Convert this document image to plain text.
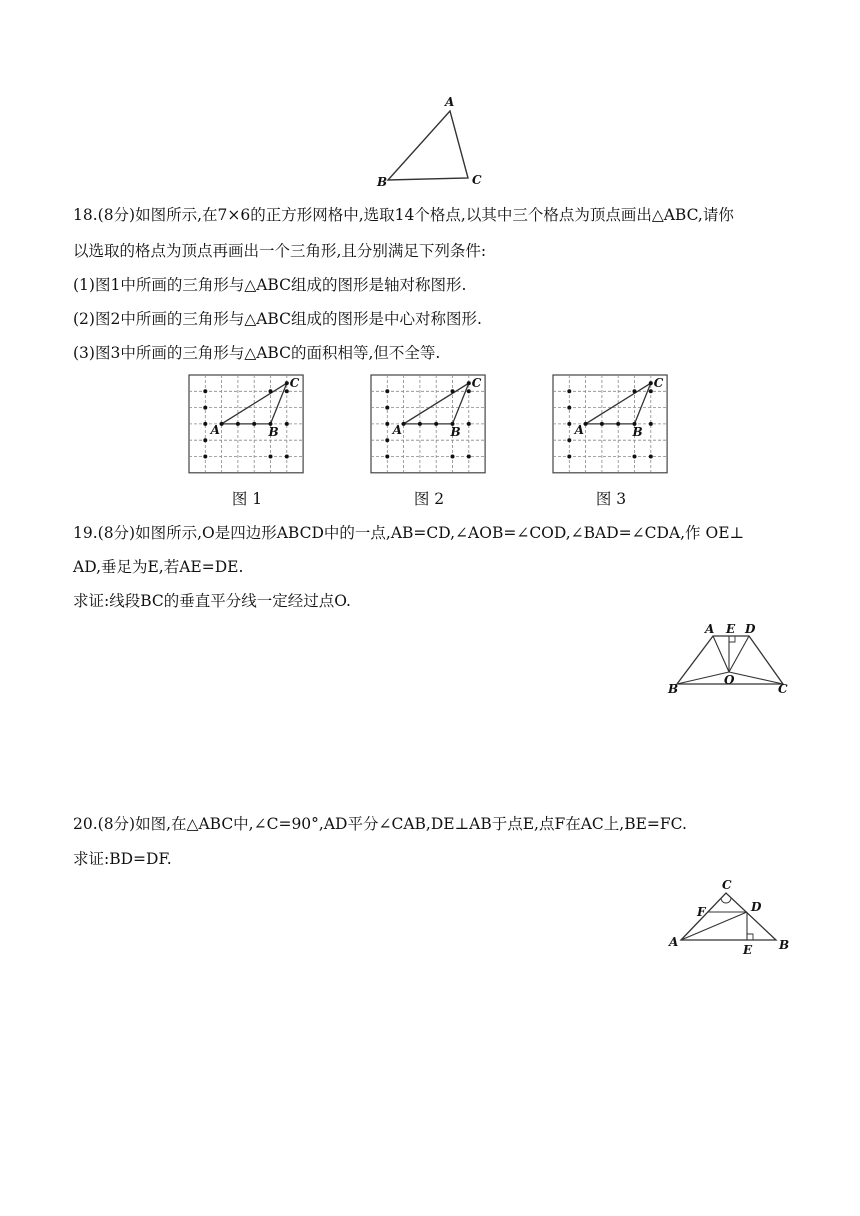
A
B	C
18.(8分)如图所示,在7×6的正方形网格中,选取14个格点,以其中三个格点为顶点画出△ABC,请你
以选取的格点为顶点再画出一个三角形,且分别满足下列条件:
(1)图1中所画的三角形与△ABC组成的图形是轴对称图形.
(2)图2中所画的三角形与△ABC组成的图形是中心对称图形.
(3)图3中所画的三角形与△ABC的面积相等,但不全等.
A	B
C
A	B
C
A	B
C
图 1	图 2	图 3
19.(8分)如图所示,O是四边形ABCD中的一点,AB=CD,∠AOB=∠COD,∠BAD=∠CDA,作 OE⊥
AD,垂足为E,若AE=DE.
求证:线段BC的垂直平分线一定经过点O.
A E D
B
O
C
20.(8分)如图,在△ABC中,∠C=90°,AD平分∠CAB,DE⊥AB于点E,点F在AC上,BE=FC.
求证:BD=DF.
C
F	D
A
E B
